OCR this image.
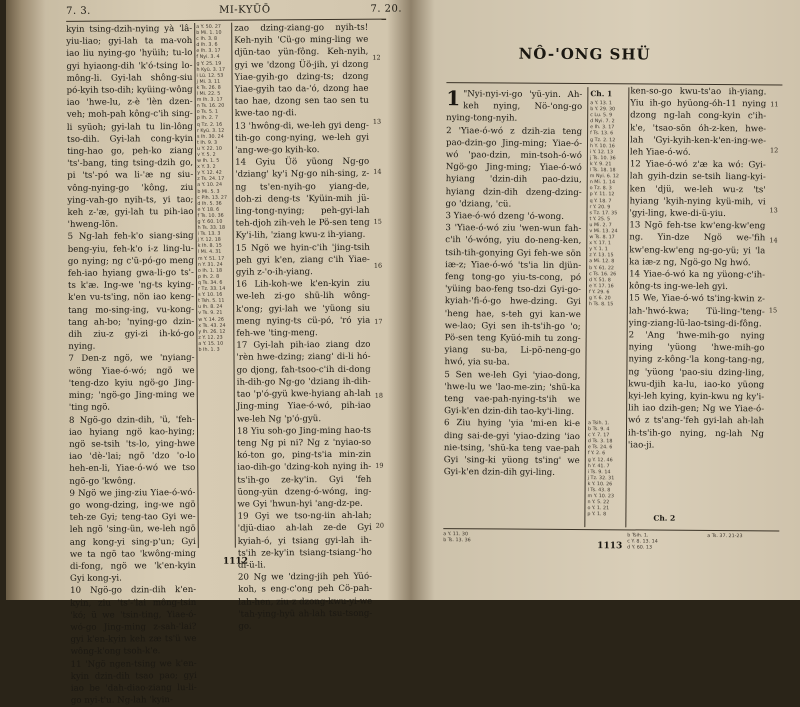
7. 3.	MI-KYŪŌ	7. 20.

kyin tsing-dzih-nying yà 'lâ-yiu-liao; gyi-lah ta ma-voh iao liu nying-go 'hyüih; tu-lo gyi hyiaong-dih 'k'ó-tsing lo-mông-li. Gyi-lah shông-siu pó-kyih tso-dih; kyüing-wông iao 'hwe-lu, z-è 'lèn dzen-veh; moh-pah kông-c'ih sing-li syüoh; gyi-lah tu lin-lông tso-dih. Gyi-lah cong-kyin ting-hao go, peh-ko ziang 'ts'-bang, ting tsing-dzih go, pi 'ts'-pó wa li-'æ ng siu-vông-nying-go 'kông, ziu ying-vah-go nyih-ts, yi tao; keh z-'æ, gyi-lah tu pih-iao 'hweng-lön.

5 Ng-lah feh-k'o siang-sing beng-yiu, feh-k'o i-z ling-lu-go nying; ng c'ü-pó-go meng feh-iao hyiang gwa-li-go ts'-ts k'æ. Ing-we 'ng-ts kying-k'en vu-ts'ing, nön iao keng-tang mo-sing-ing, vu-kong-tang ah-bo; 'nying-go dzin-dih ziu-z gyi-zi ih-kó-go nying.

7 Den-z ngö, we 'nyiang-wöng Yiae-ó-wó; ngö we 'teng-dzo kyiu ngö-go Jing-ming; 'ngö-go Jing-ming we 'ting ngö.

8 Ngö-go dzin-dih, 'ü, 'feh-iao hyiang ngö kao-hying; ngö se-tsih 'ts-lo, ying-hwe iao 'dè-'lai; ngö 'dzo 'o-lo heh-en-li, Yiae-ó-wó we tso ngö-go 'kwông.

9 Ngö we jing-ziu Yiae-ó-wó-go wong-dzing, ing-we ngö teh-ze Gyi; teng-tao Gyi we-leh ngö 'sing-ün, we-leh ngö ang kong-yi sing-p'un; Gyi we ta ngö tao 'kwông-ming di-fong, ngö we 'k'en-kyin Gyi kong-yi.

10 Ngö-go dzin-dih k'en-kyin, ziu 'ts'-'lai mông-tsin 'kó; ü we 'tsin-ting, Yiae-ó-wó-go Jing-ming z-sah-'lai? gyi k'en-kyin keh zæ ts'ü we wông-k'ong tsoh-k'e.

11 'Ngö ngen-tsing we k'en-kyin dzin-dih tsao pao; gyi iao be 'dah-diao-ziang lu-li-go nyi-t'u. Ng-lah 'kyin-

a Y. 50. 27
b Mi. 1. 10
c Ih. 3. 8
d Ih. 3. 6
e Ih. 3. 17
f Nyi. 3. 4
g Y. 25. 19
h Kyü. 3. 17
i Lü. 12. 53
j Mi. 3. 11
k Ts. 26. 8
l Mi. 22. 5
m Ih. 3. 17
n Ts. 16. 20
o Ts. 5. 1
p Ih. 2. 7
q Tz. 2. 16
r Kyü. 3. 12
s Ih. 30. 24
t Ih. 9. 3
u Y. 22. 10
v Y. 5. 2
w Ih. 1. 5
x Y. 3. 2
y Y. 12. 42
z Ts. 24. 17
a Y. 10. 24
b Mi. 5. 3
c Pih. 13. 27
d Ih. 5. 36
e Y. 18. 6
f Ts. 10. 36
g Y. 60. 10
h Ts. 33. 18
i Ts. 13. 3
j Y. 12. 18
k Ih. 8. 15
l Mi. 4. 31
m Y. 51. 17
n Y. 31. 24
o Ih. 1. 18
p Ih. 2. 8
q Ts. 34. 6
r Tz. 33. 14
s Y. 10. 16
t Tsh. 5. 11
u Ih. 8. 24
v Ts. 9. 21
w Y. 14. 26
x Ts. 43. 24
y Ih. 26. 12
z Y. 12. 23
a Y. 15. 10
b Ih. 1. 3

zao dzing-ziang-go nyih-ts! Keh-nyih 'Cü-go ming-ling we djün-tao yün-fông. Keh-nyih, gyi we 'dzong Üö-jih, yi dzong Yiae-gyih-go dzing-ts; dzong Yiae-gyih tao da-'ó, dzong hae tao hae, dzong sen tao sen tu kwe-tao ng-di.

13 'hwông-di, we-leh gyi deng-tih-go cong-nying, we-leh gyi 'ang-we-go kyih-ko.

14 Gyiu Üö yüong Ng-go 'dziang' ky'i Ng-go nih-sing, z-ng ts'en-nyih-go yiang-de, doh-zi deng-ts 'Kyüin-mih jü-ling-tong-nying; peh-gyi-lah teh-djoh zih-veh le Pö-sen teng Ky'i-lih, 'ziang kwu-z ih-yiang.

15 Ngö we hyin-c'ih 'jing-tsih peh gyi k'en, ziang c'ih Yiae-gyih z-'o-ih-yiang.

16 Lih-koh-we k'en-kyin ziu we-leh zi-go shü-lih wông-k'ong; gyi-lah we 'yüong siu meng nying-ts cü-pó, 'ró yia feh-we 'ting-meng.

17 Gyi-lah pih-iao ziang dzo 'rèn hwe-dzing; ziang' di-li hó-go djong, fah-tsoo-c'ih di-dong ih-dih-go Ng-go 'dziang ih-dih-tao 'p'ó-gyü kwe-hyiang ah-lah Jing-ming Yiae-ó-wó, pih-iao we-leh Ng 'p'ó-gyü.

18 Yiu soh-go Jing-ming hao-ts teng Ng pi ni? Ng z 'nyiao-so kó-ton go, ping-ts'ia min-zin iao-dih-go 'dzing-koh nying ih-ts'ih-go ze-ky'in. Gyi 'feh üong-yün dzeng-ó-wóng, ing-we Gyi 'hwun-hyi 'ang-dz-pe.

19 Gyi we tso-ng-iin ah-lah; 'djü-diao ah-lah ze-de Gyi kyiah-ó, yi tsiang gyi-lah ih-ts'ih ze-ky'in tsiang-tsiang-'ho di-ü-li.

20 Ng we 'dzing-jih peh Yüó-koh, s eng-c'ong peh Cö-pah-lah-hen, ziu-z dzong-kwu-yi-we 'tah-ying-hyü ah-lah tsu-tsong-go.

12
13
14
15
16
17
18
19
20
1112
NÔ-'ONG SHÜ
1 "Nyi-nyi-vi-go 'yü-yin. Ah-keh nying, Nö-'ong-go nying-tong-nyih.

2 'Yiae-ó-wó z dzih-zia teng pao-dzin-go Jing-ming; Yiae-ó-wó 'pao-dzin, min-tsoh-ó-wó Ngö-go Jing-ming; Yiae-ó-wó hyiang 'dzin-dih pao-dziu, hyiang dzin-dih dzeng-dzing-go 'dziang, 'cü.

3 Yiae-ó-wó dzeng 'ó-wong.

3 'Yiae-ó-wó ziu 'wen-wun fah-c'ih 'ó-wóng, yiu do-neng-ken, tsih-tih-gonying Gyi feh-we sön iæ-z; Yiae-ó-wó 'ts'ia lin djün-feng tong-go yiu-ts-cong, pó 'yüing bao-feng tso-dzi Gyi-go-kyiah-'fi-ó-go hwe-dzing. Gyi 'heng hae, s-teh gyi kan-we we-lao; Gyi sen ih-ts'ih-go 'o; Pö-sen teng Kyüó-mih tu zong-yiang su-ba, Li-pö-neng-go hwó, yia su-ba.

5 Sen we-leh Gyi 'yiao-dong, 'hwe-lu we 'lao-me-zin; 'shü-ka teng vae-pah-nying-ts'ih we Gyi-k'en dzin-dih tao-ky'i-ling.

6 Ziu hying 'yia 'mi-en ki-e ding sai-de-gyi 'yiao-dzing 'iao nie-tsing, 'shü-ka teng vae-pah Gyi 'sing-ki yüong ts'ing' we Gyi-k'en dzin-dih gyi-ling.

Ch. 1
a Y. 13. 1
b Y. 29. 30
c Lu. 5. 9
d Nyi. 7. 2
e Ih. 3. 17
f Ts. 13. 6
g Tz. 2. 12
h Y. 10. 16
i Y. 12. 13
j Ts. 10. 36
k Y. 9. 21
l Ts. 18. 18
m Nyi. 6. 12
n Mi. 1. 14
o Tz. 8. 3
p Y. 11. 12
q Y. 18. 7
r Y. 20. 9
s Tz. 17. 35
t Y. 25. 5
u Mi. 2. 7
v Mi. 13. 24
w Ts. 8. 17
x Y. 17. 1
y Y. 1. 1
z Y. 13. 15
a Mi. 12. 8
b Y. 61. 22
c Ts. 16. 26
d Y. 51. 8
e Y. 17. 16
f Y. 29. 6
g Y. 6. 20
h Ts. 8. 15
a Tsih. 1.
b Ts. 9. 4
c Y. 7. 17
d Ts. 3. 18
e Ts. 24. 6
f Y. 2. 6
g Y. 12. 46
h Y. 41. 7
i Ts. 9. 14
j Tz. 32. 31
k Y. 10. 26
l Ts. 43. 8
m Y. 10. 23
n Y. 5. 22
o Y. 1. 21
p Y. 1. 8

ken-so-go kwu-ts'ao ih-yiang. Yiu ih-go hyüong-óh-11 nying dzong ng-lah cong-kyin c'ih-k'e, 'tsao-sön óh-z-ken, hwe-lah 'Gyi-kyih-ken-k'en-ing-we-leh Yiae-ó-wó.

12 Yiae-ó-wó z'æ ka wó: Gyi-lah gyih-dzin se-tsih liang-kyi-ken 'djü, we-leh wu-z 'ts' hyiang 'kyih-nying kyü-mih, vi 'gyi-ling, kwe-di-ü-yiu.

13 Ngö feh-tse kw'eng-kw'eng ng. Yin-dze Ngö we-'fih kw'eng-kw'eng ng-go-yü; yi 'la ka iæ-z ng, Ngö-go Ng hwó.

14 Yiae-ó-wó ka ng yüong-c'ih-kông-ts ing-we-leh gyi.

15 We, Yiae-ó-wó ts'ing-kwin z-lah-'hwó-kwa; Tü-ling-'teng-ying-ziang-lü-lao-tsing-di-fông.

2 'Ang 'hwe-mih-go nying nying 'yüong 'hwe-mih-go nying z-kông-'la kong-tang-ng, ng 'yüong 'pao-siu dzing-ling, kwu-djih ka-lu, iao-ko yüong kyi-leh kying, kyin-kwu ng ky'i-lih iao dzih-gen; Ng we Yiae-ó-wó z ts'ang-'feh gyi-lah ah-lah ih-ts'ih-go nying, ng-lah Ng 'iao-ji.

11
12
13
14
15
a Y. 11. 30
b Ts. 13. 36
1113
b Tsih. 1.
c Y. 8. 13. 14
d Y. 60. 13
Ch. 2
a Ts. 37. 21-23
